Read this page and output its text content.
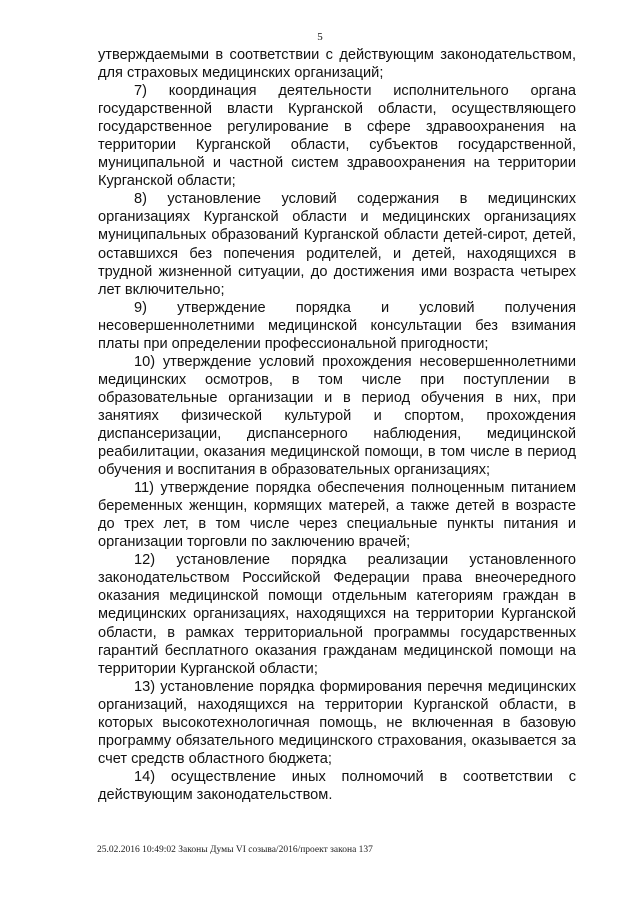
5

утверждаемыми в соответствии с действующим законодательством, для страховых медицинских организаций;

7) координация деятельности исполнительного органа государственной власти Курганской области, осуществляющего государственное регулирование в сфере здравоохранения на территории Курганской области, субъектов государственной, муниципальной и частной систем здравоохранения на территории Курганской области;

8) установление условий содержания в медицинских организациях Курганской области и медицинских организациях муниципальных образований Курганской области детей-сирот, детей, оставшихся без попечения родителей, и детей, находящихся в трудной жизненной ситуации, до достижения ими возраста четырех лет включительно;

9) утверждение порядка и условий получения несовершеннолетними медицинской консультации без взимания платы при определении профессиональной пригодности;

10) утверждение условий прохождения несовершеннолетними медицинских осмотров, в том числе при поступлении в образовательные организации и в период обучения в них, при занятиях физической культурой и спортом, прохождения диспансеризации, диспансерного наблюдения, медицинской реабилитации, оказания медицинской помощи, в том числе в период обучения и воспитания в образовательных организациях;

11) утверждение порядка обеспечения полноценным питанием беременных женщин, кормящих матерей, а также детей в возрасте до трех лет, в том числе через специальные пункты питания и организации торговли по заключению врачей;

12) установление порядка реализации установленного законодательством Российской Федерации права внеочередного оказания медицинской помощи отдельным категориям граждан в медицинских организациях, находящихся на территории Курганской области, в рамках территориальной программы государственных гарантий бесплатного оказания гражданам медицинской помощи на территории Курганской области;

13) установление порядка формирования перечня медицинских организаций, находящихся на территории Курганской области, в которых высокотехнологичная помощь, не включенная в базовую программу обязательного медицинского страхования, оказывается за счет средств областного бюджета;

14) осуществление иных полномочий в соответствии с действующим законодательством.

25.02.2016 10:49:02 Законы Думы VI созыва/2016/проект закона 137
